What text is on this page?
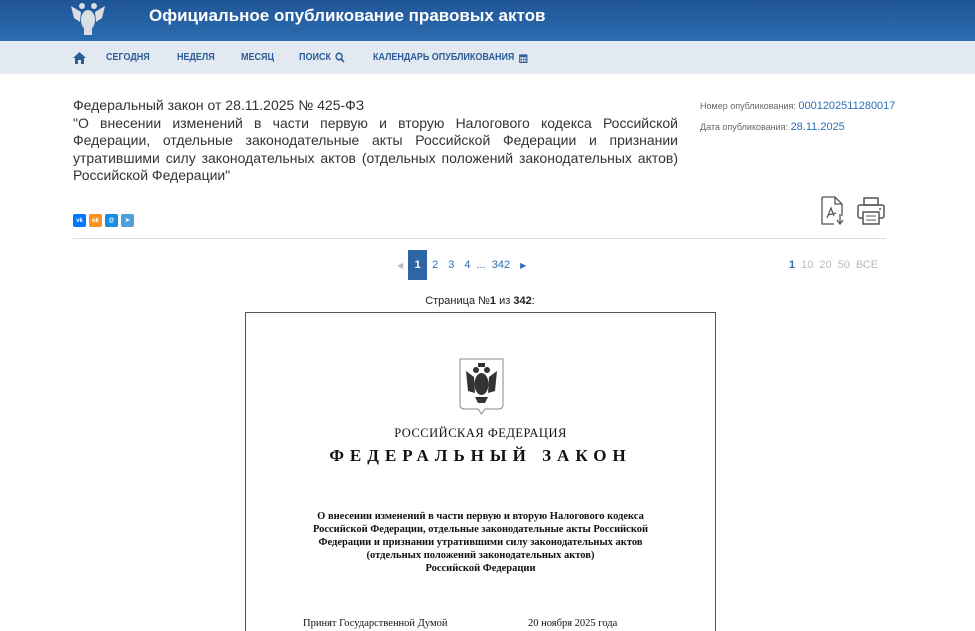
Официальное опубликование правовых актов
СЕГОДНЯ	НЕДЕЛЯ	МЕСЯЦ	ПОИСК	КАЛЕНДАРЬ ОПУБЛИКОВАНИЯ
Федеральный закон от 28.11.2025 № 425-ФЗ
"О внесении изменений в части первую и вторую Налогового кодекса Российской Федерации, отдельные законодательные акты Российской Федерации и признании утратившими силу законодательных актов (отдельных положений законодательных актов) Российской Федерации"
Номер опубликования: 0001202511280017
Дата опубликования: 28.11.2025
vk	ok	@	➤
◀	1	2 3 4 ... 342	▶	1 10 20 50 ВСЕ
Страница №1 из 342:
РОССИЙСКАЯ ФЕДЕРАЦИЯ
ФЕДЕРАЛЬНЫЙ ЗАКОН
О внесении изменений в части первую и вторую Налогового кодекса
Российской Федерации, отдельные законодательные акты Российской
Федерации и признании утратившими силу законодательных актов
(отдельных положений законодательных актов)
Российской Федерации
Принят Государственной Думой	20 ноября 2025 года
